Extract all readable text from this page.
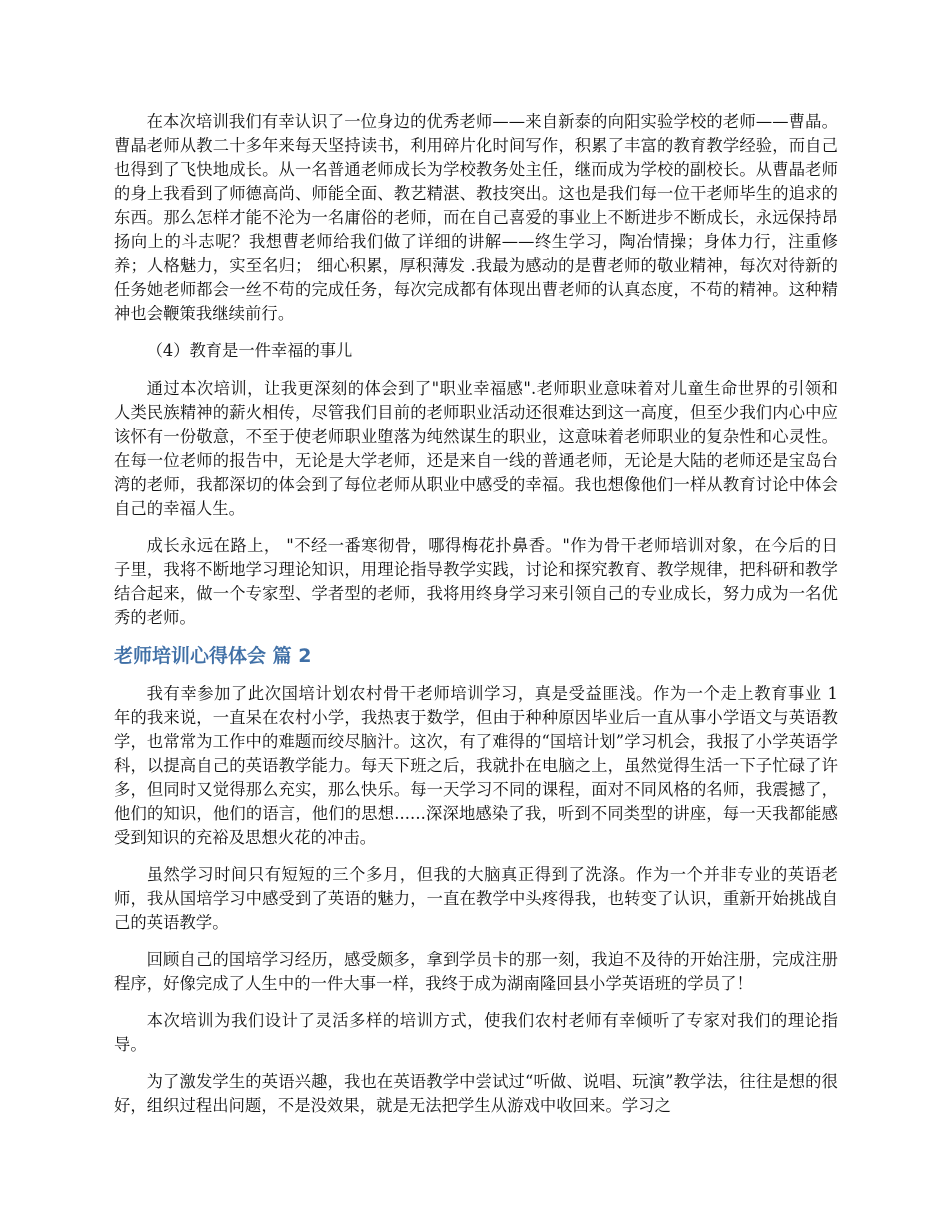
在本次培训我们有幸认识了一位身边的优秀老师——来自新泰的向阳实验学校的老师——曹晶。曹晶老师从教二十多年来每天坚持读书，利用碎片化时间写作，积累了丰富的教育教学经验，而自己也得到了飞快地成长。从一名普通老师成长为学校教务处主任，继而成为学校的副校长。从曹晶老师的身上我看到了师德高尚、师能全面、教艺精湛、教技突出。这也是我们每一位干老师毕生的追求的东西。那么怎样才能不沦为一名庸俗的老师，而在自己喜爱的事业上不断进步不断成长，永远保持昂扬向上的斗志呢？我想曹老师给我们做了详细的讲解——终生学习，陶冶情操；身体力行，注重修养；人格魅力，实至名归； 细心积累，厚积薄发 .我最为感动的是曹老师的敬业精神，每次对待新的任务她老师都会一丝不苟的完成任务，每次完成都有体现出曹老师的认真态度，不苟的精神。这种精神也会鞭策我继续前行。

（4）教育是一件幸福的事儿

通过本次培训，让我更深刻的体会到了"职业幸福感".老师职业意味着对儿童生命世界的引领和人类民族精神的薪火相传，尽管我们目前的老师职业活动还很难达到这一高度，但至少我们内心中应该怀有一份敬意，不至于使老师职业堕落为纯然谋生的职业，这意味着老师职业的复杂性和心灵性。在每一位老师的报告中，无论是大学老师，还是来自一线的普通老师，无论是大陆的老师还是宝岛台湾的老师，我都深切的体会到了每位老师从职业中感受的幸福。我也想像他们一样从教育讨论中体会自己的幸福人生。

成长永远在路上， "不经一番寒彻骨，哪得梅花扑鼻香。"作为骨干老师培训对象，在今后的日子里，我将不断地学习理论知识，用理论指导教学实践，讨论和探究教育、教学规律，把科研和教学结合起来，做一个专家型、学者型的老师，我将用终身学习来引领自己的专业成长，努力成为一名优秀的老师。

老师培训心得体会 篇 2

我有幸参加了此次国培计划农村骨干老师培训学习，真是受益匪浅。作为一个走上教育事业 1 年的我来说，一直呆在农村小学，我热衷于数学，但由于种种原因毕业后一直从事小学语文与英语教学，也常常为工作中的难题而绞尽脑汁。这次，有了难得的“国培计划”学习机会，我报了小学英语学科，以提高自己的英语教学能力。每天下班之后，我就扑在电脑之上，虽然觉得生活一下子忙碌了许多，但同时又觉得那么充实，那么快乐。每一天学习不同的课程，面对不同风格的名师，我震撼了，他们的知识，他们的语言，他们的思想......深深地感染了我，听到不同类型的讲座，每一天我都能感受到知识的充裕及思想火花的冲击。

虽然学习时间只有短短的三个多月，但我的大脑真正得到了洗涤。作为一个并非专业的英语老师，我从国培学习中感受到了英语的魅力，一直在教学中头疼得我，也转变了认识，重新开始挑战自己的英语教学。

回顾自己的国培学习经历，感受颇多，拿到学员卡的那一刻，我迫不及待的开始注册，完成注册程序，好像完成了人生中的一件大事一样，我终于成为湖南隆回县小学英语班的学员了！

本次培训为我们设计了灵活多样的培训方式，使我们农村老师有幸倾听了专家对我们的理论指导。

为了激发学生的英语兴趣，我也在英语教学中尝试过“听做、说唱、玩演”教学法，往往是想的很好，组织过程出问题，不是没效果，就是无法把学生从游戏中收回来。学习之
